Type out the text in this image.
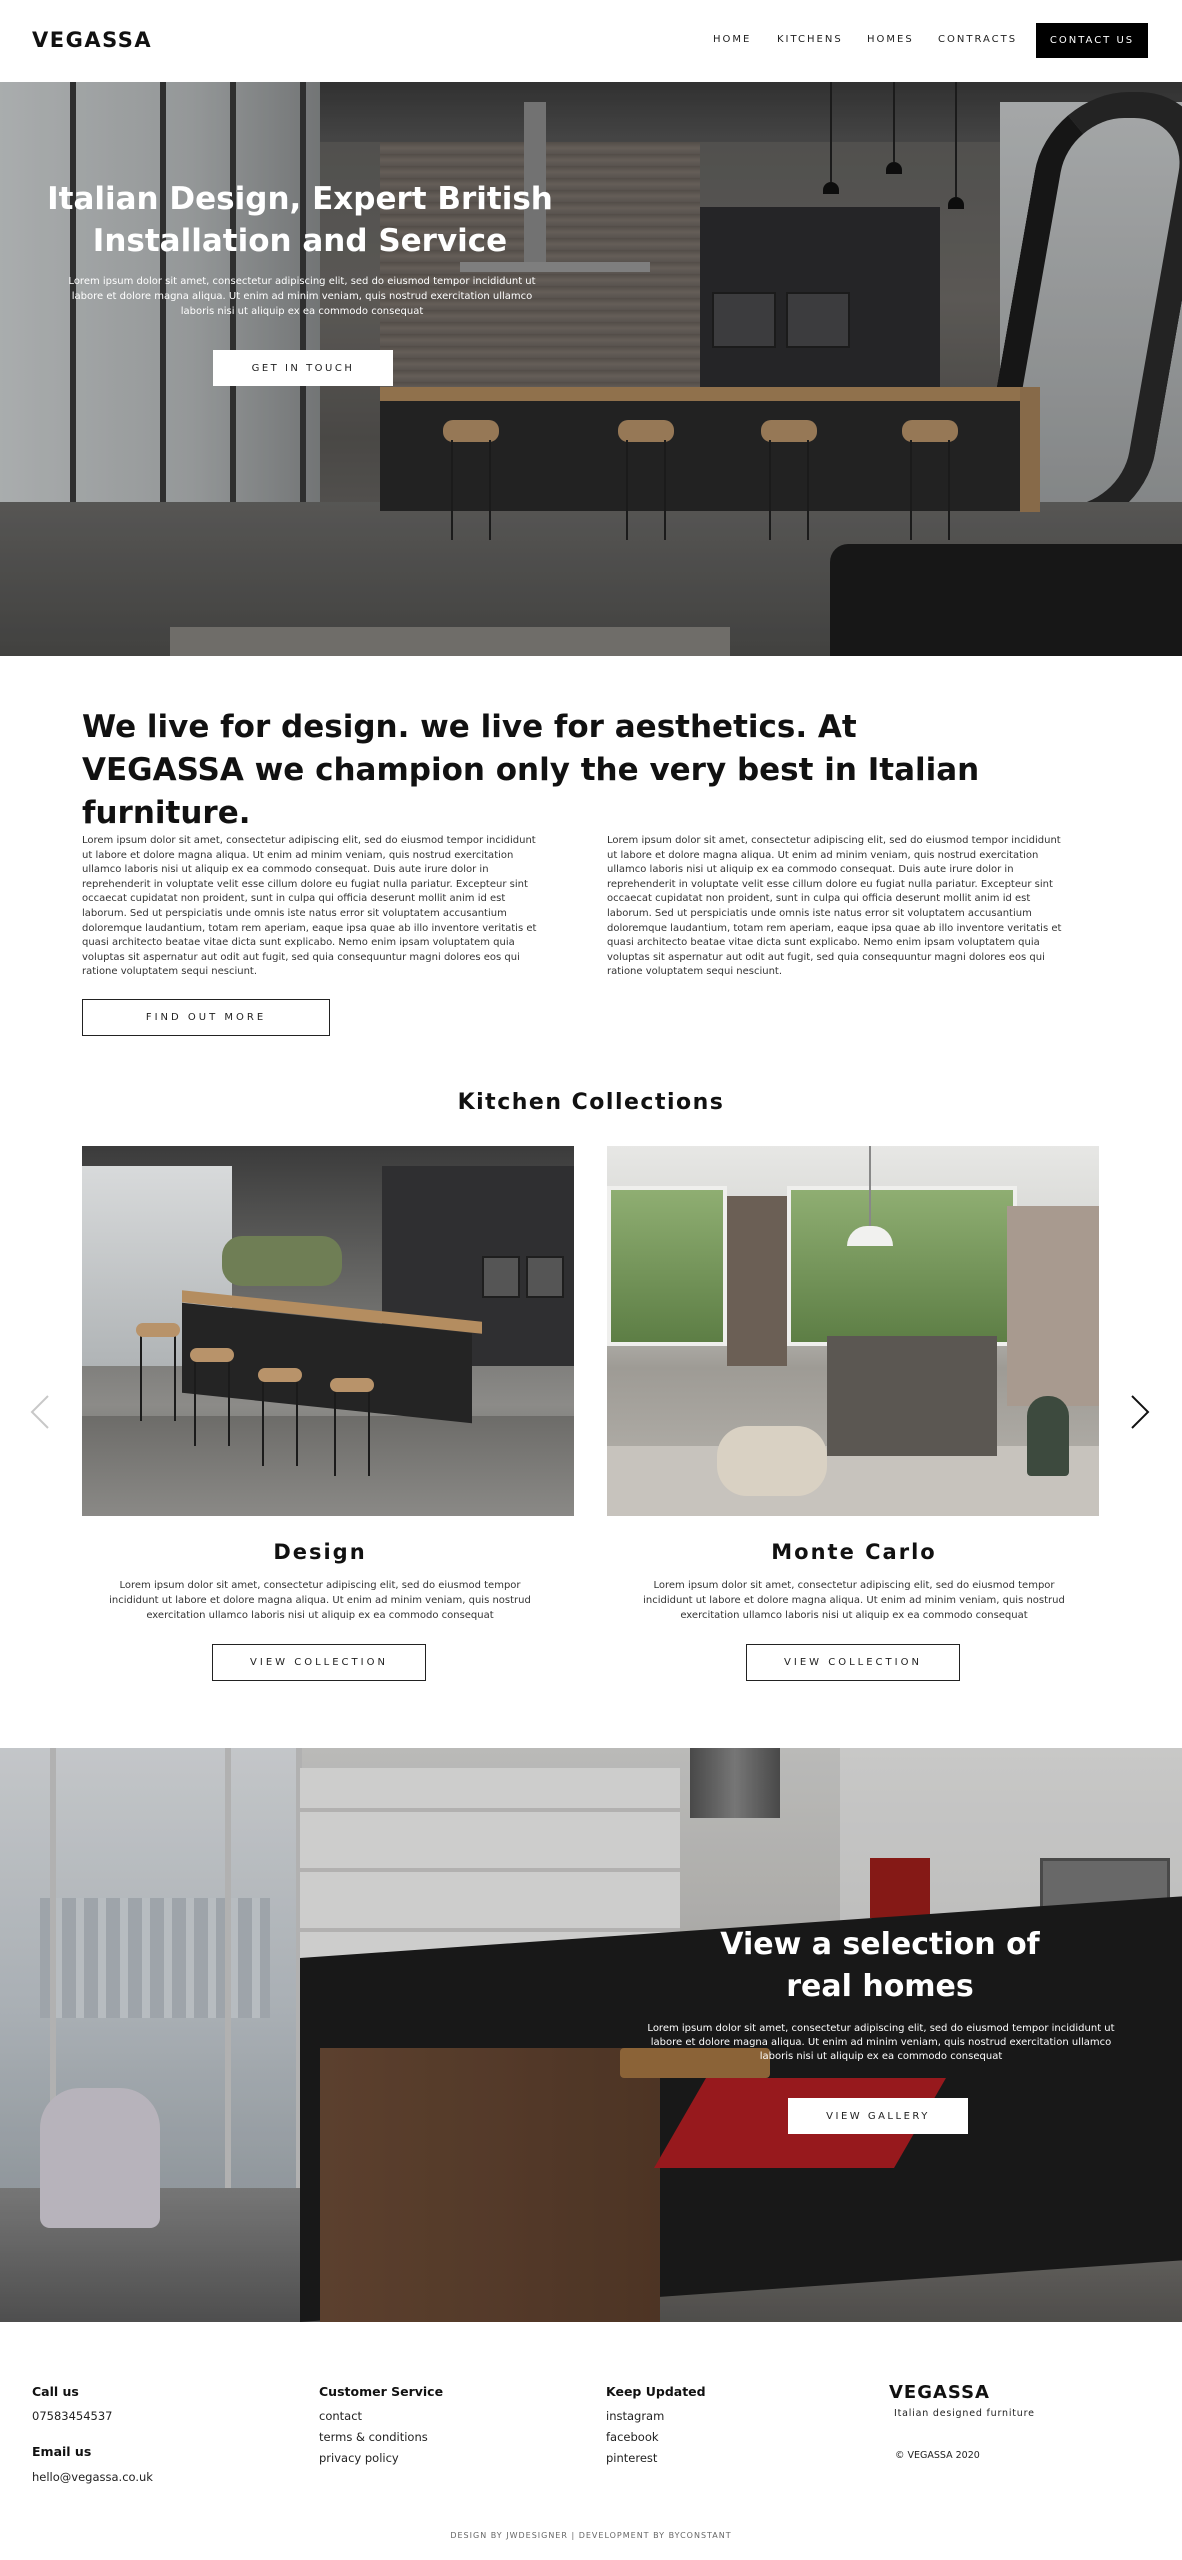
VEGASSA	HOME	KITCHENS HOMES CONTRACTS	CONTACT US
Italian Design, Expert British Installation and Service
Lorem ipsum dolor sit amet, consectetur adipiscing elit, sed do eiusmod tempor incididunt ut labore et dolore magna aliqua. Ut enim ad minim veniam, quis nostrud exercitation ullamco laboris nisi ut aliquip ex ea commodo consequat
GET IN TOUCH
We live for design. we live for aesthetics. At VEGASSA we champion only the very best in Italian furniture.
Lorem ipsum dolor sit amet, consectetur adipiscing elit, sed do eiusmod tempor incididunt ut labore et dolore magna aliqua. Ut enim ad minim veniam, quis nostrud exercitation ullamco laboris nisi ut aliquip ex ea commodo consequat. Duis aute irure dolor in reprehenderit in voluptate velit esse cillum dolore eu fugiat nulla pariatur. Excepteur sint occaecat cupidatat non proident, sunt in culpa qui officia deserunt mollit anim id est laborum. Sed ut perspiciatis unde omnis iste natus error sit voluptatem accusantium doloremque laudantium, totam rem aperiam, eaque ipsa quae ab illo inventore veritatis et quasi architecto beatae vitae dicta sunt explicabo. Nemo enim ipsam voluptatem quia voluptas sit aspernatur aut odit aut fugit, sed quia consequuntur magni dolores eos qui ratione voluptatem sequi nesciunt.
Lorem ipsum dolor sit amet, consectetur adipiscing elit, sed do eiusmod tempor incididunt ut labore et dolore magna aliqua. Ut enim ad minim veniam, quis nostrud exercitation ullamco laboris nisi ut aliquip ex ea commodo consequat. Duis aute irure dolor in reprehenderit in voluptate velit esse cillum dolore eu fugiat nulla pariatur. Excepteur sint occaecat cupidatat non proident, sunt in culpa qui officia deserunt mollit anim id est laborum. Sed ut perspiciatis unde omnis iste natus error sit voluptatem accusantium doloremque laudantium, totam rem aperiam, eaque ipsa quae ab illo inventore veritatis et quasi architecto beatae vitae dicta sunt explicabo. Nemo enim ipsam voluptatem quia voluptas sit aspernatur aut odit aut fugit, sed quia consequuntur magni dolores eos qui ratione voluptatem sequi nesciunt.
FIND OUT MORE
Kitchen Collections
Design	Monte Carlo
Lorem ipsum dolor sit amet, consectetur adipiscing elit, sed do eiusmod tempor incididunt ut labore et dolore magna aliqua. Ut enim ad minim veniam, quis nostrud exercitation ullamco laboris nisi ut aliquip ex ea commodo consequat
Lorem ipsum dolor sit amet, consectetur adipiscing elit, sed do eiusmod tempor incididunt ut labore et dolore magna aliqua. Ut enim ad minim veniam, quis nostrud exercitation ullamco laboris nisi ut aliquip ex ea commodo consequat
VIEW COLLECTION	VIEW COLLECTION
View a selection of real homes
Lorem ipsum dolor sit amet, consectetur adipiscing elit, sed do eiusmod tempor incididunt ut labore et dolore magna aliqua. Ut enim ad minim veniam, quis nostrud exercitation ullamco laboris nisi ut aliquip ex ea commodo consequat
VIEW GALLERY
Call us
07583454537
Email us
hello@vegassa.co.uk
Customer Service
contact
terms & conditions
privacy policy
Keep Updated
instagram
facebook
pinterest
VEGASSA
Italian designed furniture
© VEGASSA 2020
DESIGN BY JWDESIGNER | DEVELOPMENT BY BYCONSTANT
